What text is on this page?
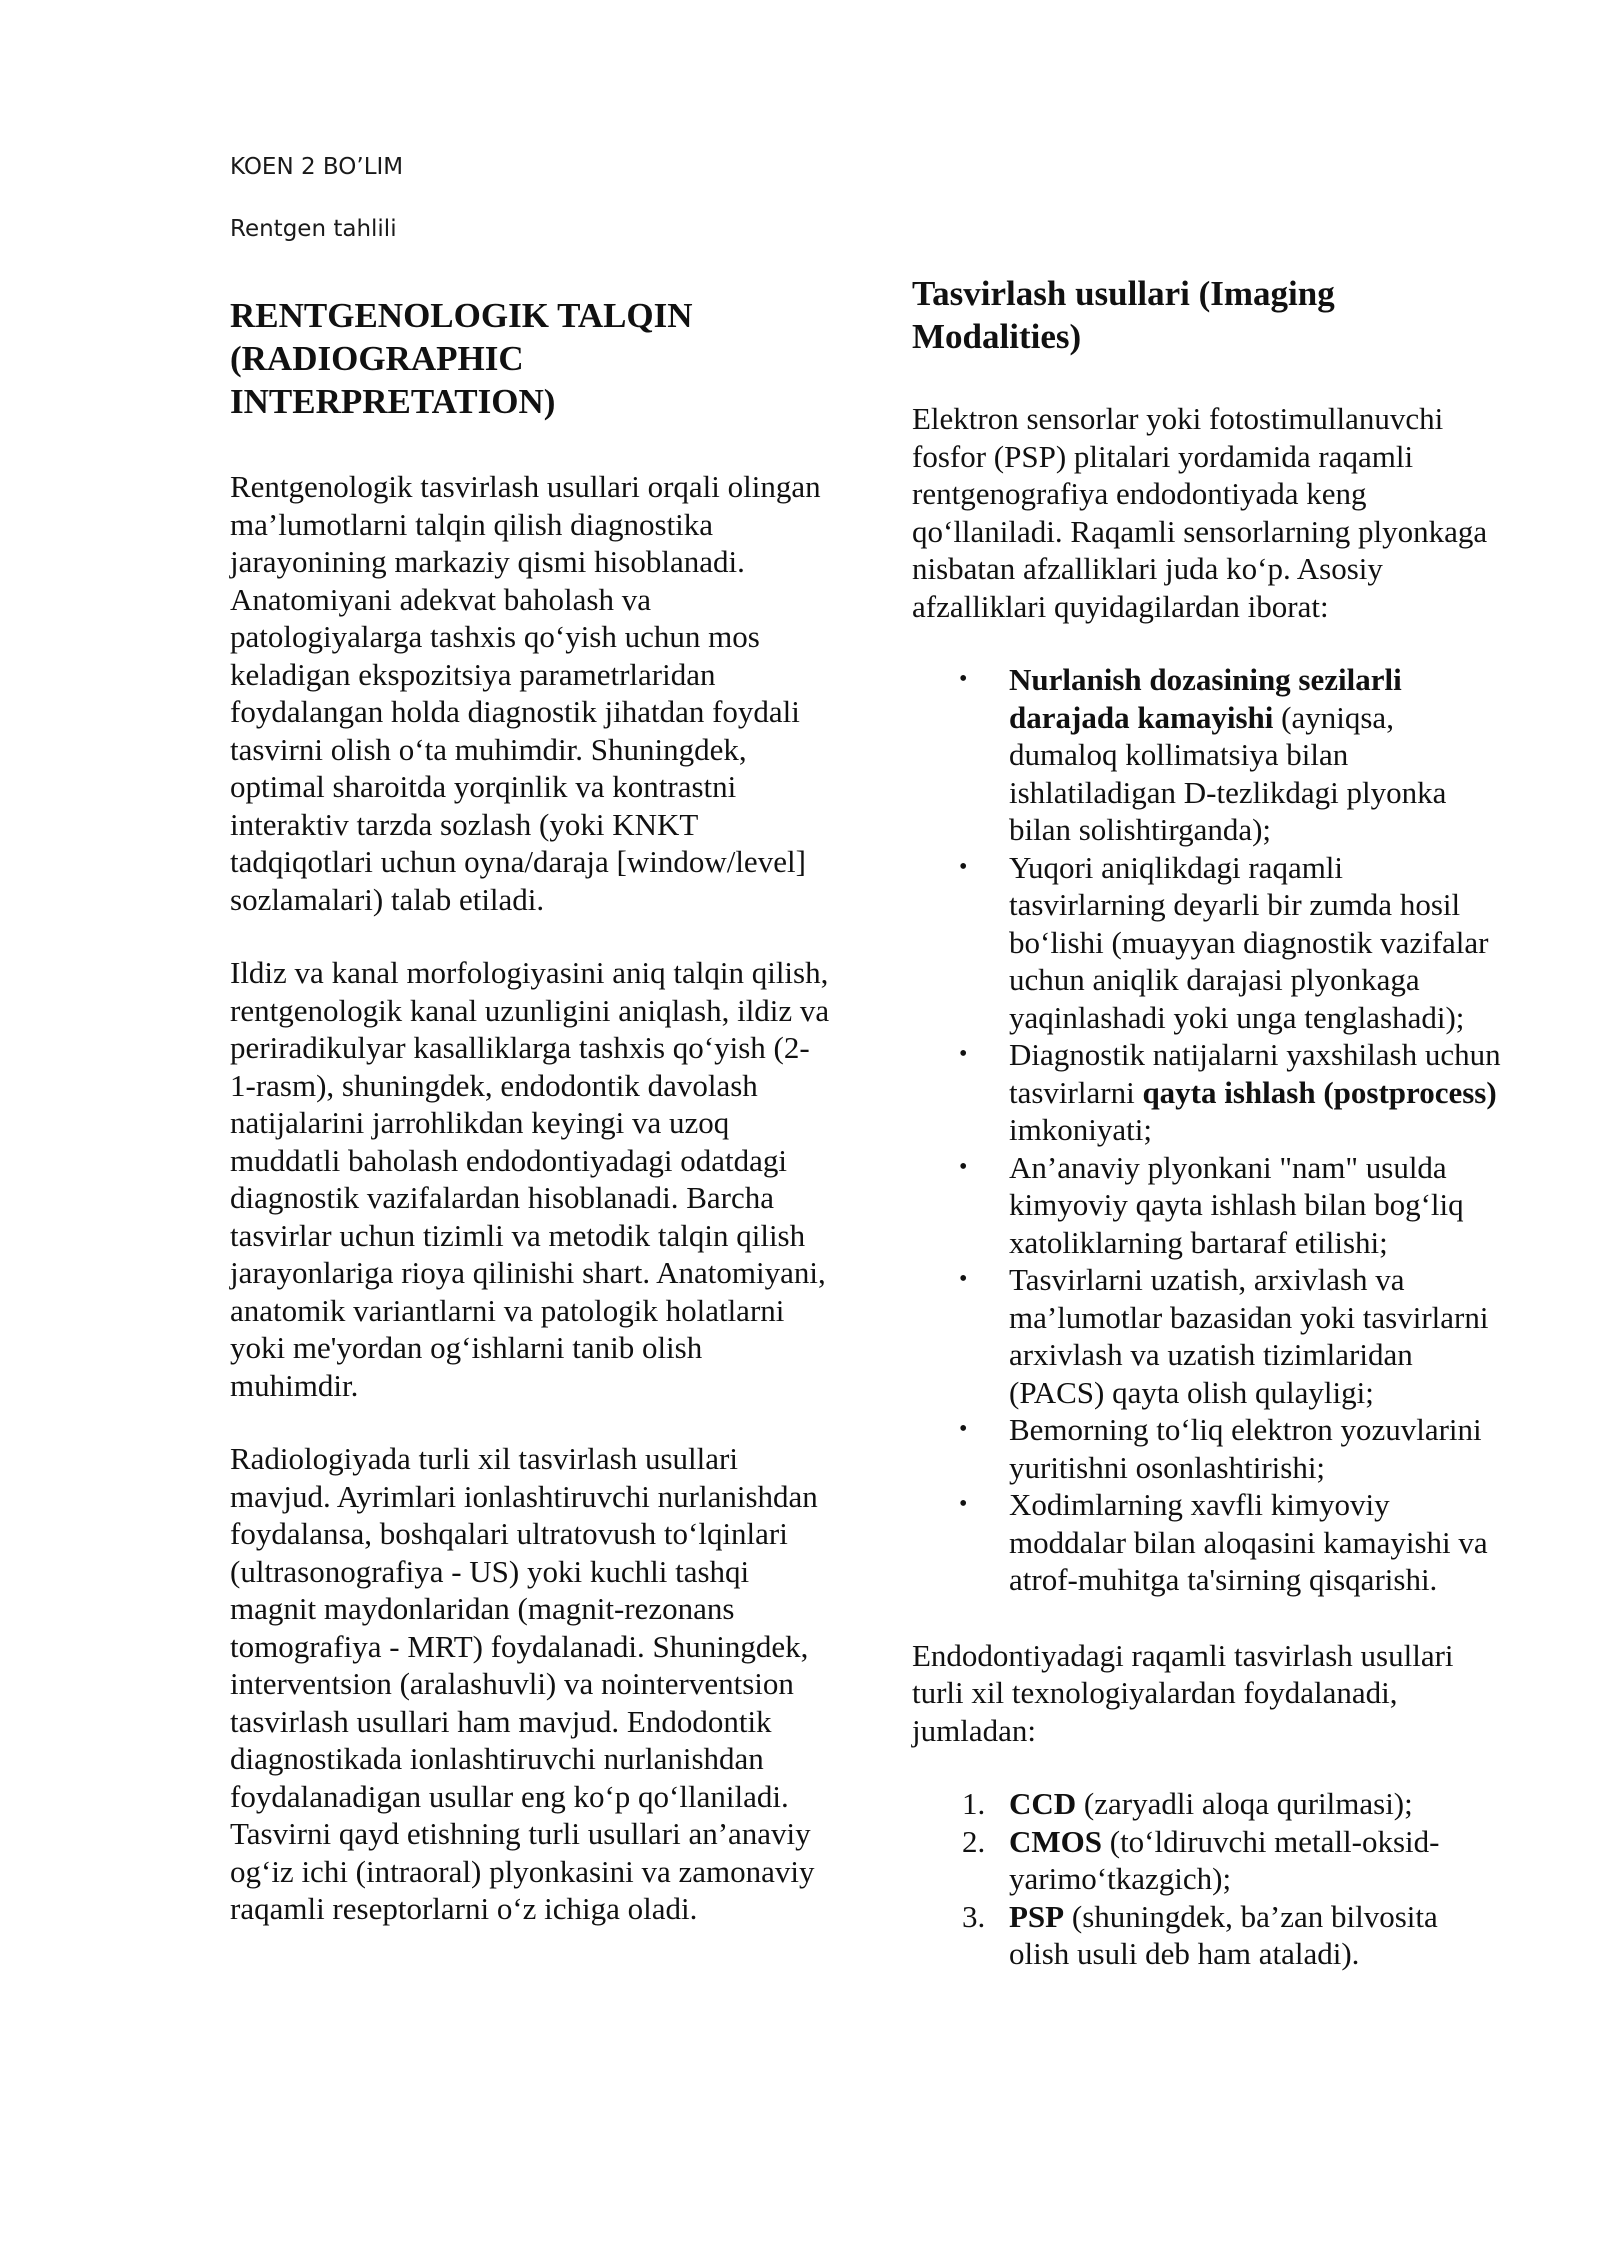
KOEN 2 BO’LIM
Rentgen tahlili
RENTGENOLOGIK TALQIN (RADIOGRAPHIC INTERPRETATION)

Rentgenologik tasvirlash usullari orqali olingan ma’lumotlarni talqin qilish diagnostika jarayonining markaziy qismi hisoblanadi. Anatomiyani adekvat baholash va patologiyalarga tashxis qo‘yish uchun mos keladigan ekspozitsiya parametrlaridan foydalangan holda diagnostik jihatdan foydali tasvirni olish o‘ta muhimdir. Shuningdek, optimal sharoitda yorqinlik va kontrastni interaktiv tarzda sozlash (yoki KNKT tadqiqotlari uchun oyna/daraja [window/level] sozlamalari) talab etiladi.

Ildiz va kanal morfologiyasini aniq talqin qilish, rentgenologik kanal uzunligini aniqlash, ildiz va periradikulyar kasalliklarga tashxis qo‘yish (2-1-rasm), shuningdek, endodontik davolash natijalarini jarrohlikdan keyingi va uzoq muddatli baholash endodontiyadagi odatdagi diagnostik vazifalardan hisoblanadi. Barcha tasvirlar uchun tizimli va metodik talqin qilish jarayonlariga rioya qilinishi shart. Anatomiyani, anatomik variantlarni va patologik holatlarni yoki me'yordan og‘ishlarni tanib olish muhimdir.

Radiologiyada turli xil tasvirlash usullari mavjud. Ayrimlari ionlashtiruvchi nurlanishdan foydalansa, boshqalari ultratovush to‘lqinlari (ultrasonografiya - US) yoki kuchli tashqi magnit maydonlaridan (magnit-rezonans tomografiya - MRT) foydalanadi. Shuningdek, interventsion (aralashuvli) va nointerventsion tasvirlash usullari ham mavjud. Endodontik diagnostikada ionlashtiruvchi nurlanishdan foydalanadigan usullar eng ko‘p qo‘llaniladi. Tasvirni qayd etishning turli usullari an’anaviy og‘iz ichi (intraoral) plyonkasini va zamonaviy raqamli reseptorlarni o‘z ichiga oladi.

Tasvirlash usullari (Imaging Modalities)

Elektron sensorlar yoki fotostimullanuvchi fosfor (PSP) plitalari yordamida raqamli rentgenografiya endodontiyada keng qo‘llaniladi. Raqamli sensorlarning plyonkaga nisbatan afzalliklari juda ko‘p. Asosiy afzalliklari quyidagilardan iborat:

• Nurlanish dozasining sezilarli darajada kamayishi (ayniqsa, dumaloq kollimatsiya bilan ishlatiladigan D-tezlikdagi plyonka bilan solishtirganda);
• Yuqori aniqlikdagi raqamli tasvirlarning deyarli bir zumda hosil bo‘lishi (muayyan diagnostik vazifalar uchun aniqlik darajasi plyonkaga yaqinlashadi yoki unga tenglashadi);
• Diagnostik natijalarni yaxshilash uchun tasvirlarni qayta ishlash (postprocess) imkoniyati;
• An’anaviy plyonkani "nam" usulda kimyoviy qayta ishlash bilan bog‘liq xatoliklarning bartaraf etilishi;
• Tasvirlarni uzatish, arxivlash va ma’lumotlar bazasidan yoki tasvirlarni arxivlash va uzatish tizimlaridan (PACS) qayta olish qulayligi;
• Bemorning to‘liq elektron yozuvlarini yuritishni osonlashtirishi;
• Xodimlarning xavfli kimyoviy moddalar bilan aloqasini kamayishi va atrof-muhitga ta'sirning qisqarishi.

Endodontiyadagi raqamli tasvirlash usullari turli xil texnologiyalardan foydalanadi, jumladan:

1. CCD (zaryadli aloqa qurilmasi);
2. CMOS (to‘ldiruvchi metall-oksid-yarimo‘tkazgich);
3. PSP (shuningdek, ba’zan bilvosita olish usuli deb ham ataladi).
